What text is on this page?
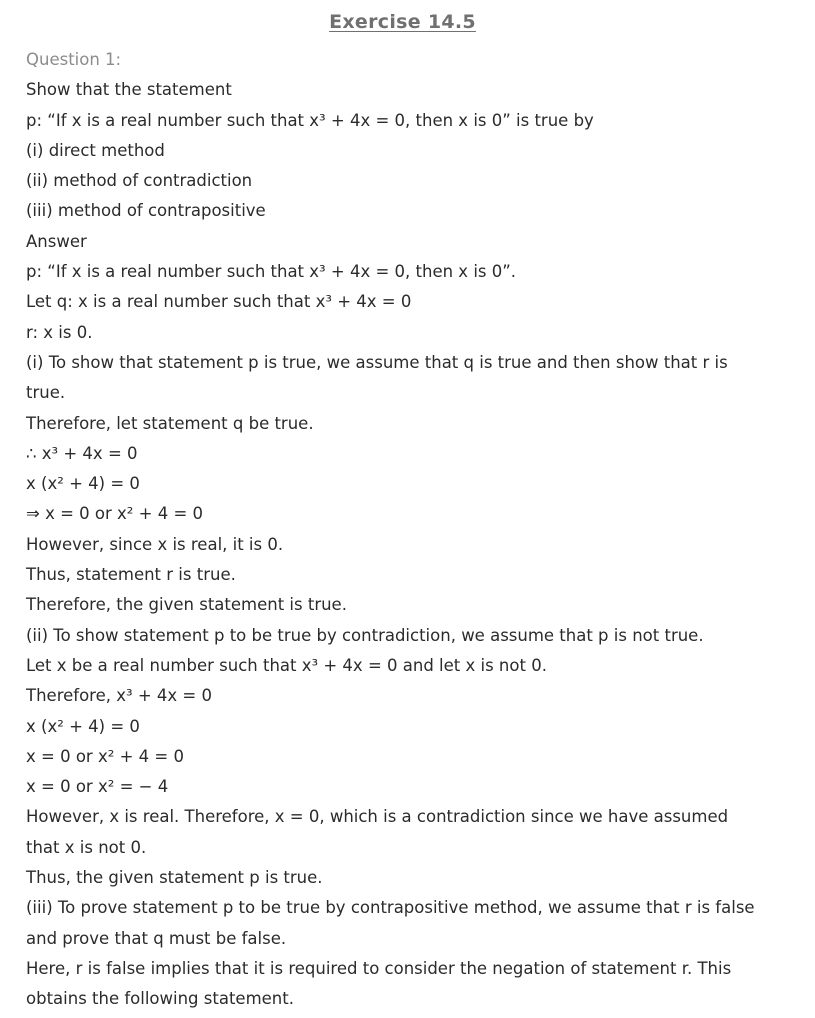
Exercise 14.5
Question 1:
Show that the statement
p: “If x is a real number such that x³ + 4x = 0, then x is 0” is true by
(i) direct method
(ii) method of contradiction
(iii) method of contrapositive
Answer
p: “If x is a real number such that x³ + 4x = 0, then x is 0”.
Let q: x is a real number such that x³ + 4x = 0
r: x is 0.
(i) To show that statement p is true, we assume that q is true and then show that r is
true.
Therefore, let statement q be true.
∴ x³ + 4x = 0
x (x² + 4) = 0
⇒ x = 0 or x² + 4 = 0
However, since x is real, it is 0.
Thus, statement r is true.
Therefore, the given statement is true.
(ii) To show statement p to be true by contradiction, we assume that p is not true.
Let x be a real number such that x³ + 4x = 0 and let x is not 0.
Therefore, x³ + 4x = 0
x (x² + 4) = 0
x = 0 or x² + 4 = 0
x = 0 or x² = − 4
However, x is real. Therefore, x = 0, which is a contradiction since we have assumed
that x is not 0.
Thus, the given statement p is true.
(iii) To prove statement p to be true by contrapositive method, we assume that r is false
and prove that q must be false.
Here, r is false implies that it is required to consider the negation of statement r. This
obtains the following statement.
